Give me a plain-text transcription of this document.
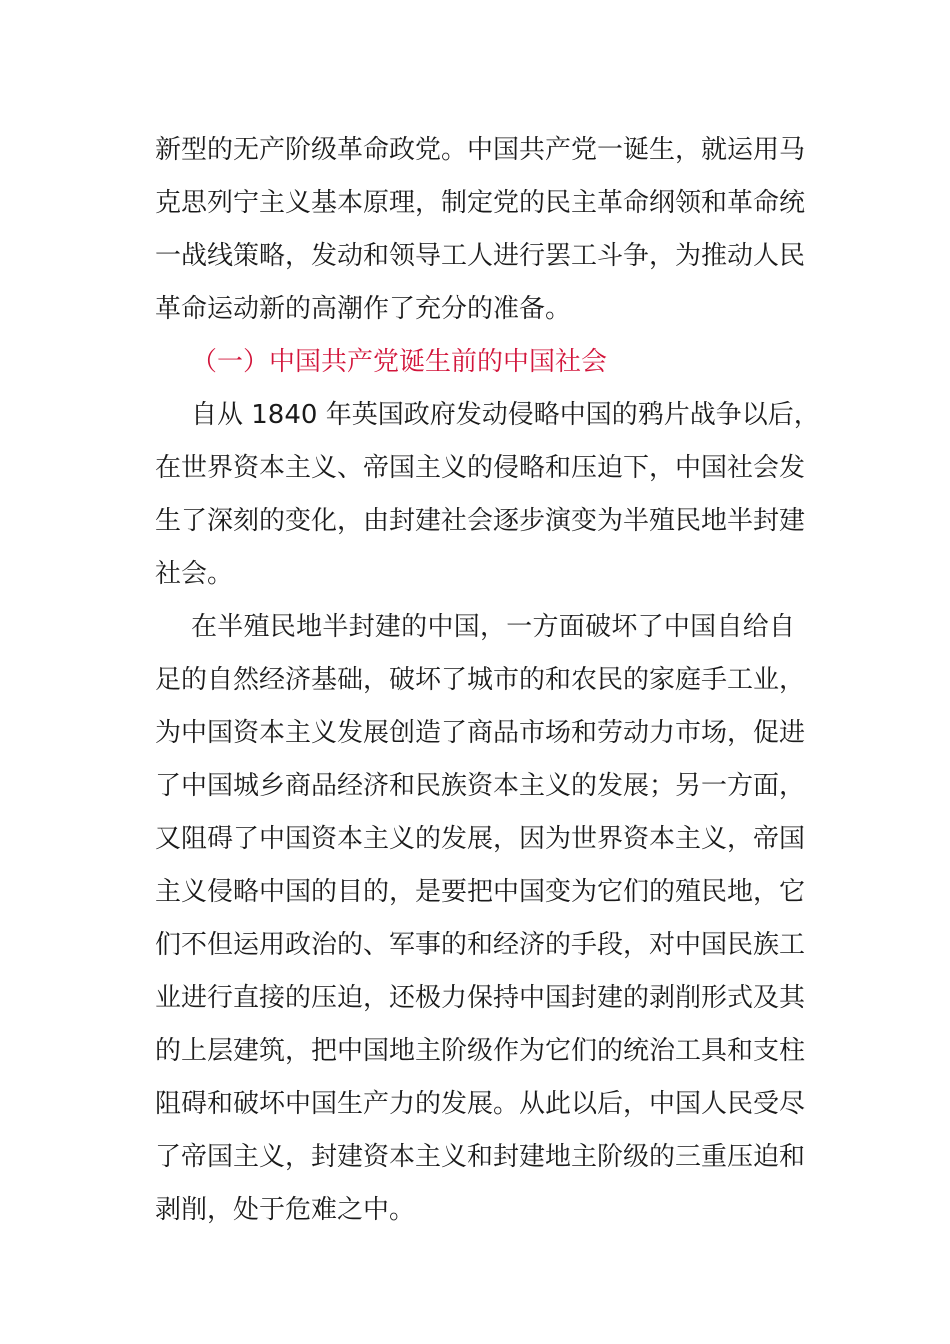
新型的无产阶级革命政党。中国共产党一诞生，就运用马
克思列宁主义基本原理，制定党的民主革命纲领和革命统
一战线策略，发动和领导工人进行罢工斗争，为推动人民
革命运动新的高潮作了充分的准备。
（一）中国共产党诞生前的中国社会
自从 1840 年英国政府发动侵略中国的鸦片战争以后，
在世界资本主义、帝国主义的侵略和压迫下，中国社会发
生了深刻的变化，由封建社会逐步演变为半殖民地半封建
社会。
在半殖民地半封建的中国，一方面破坏了中国自给自
足的自然经济基础，破坏了城市的和农民的家庭手工业，
为中国资本主义发展创造了商品市场和劳动力市场，促进
了中国城乡商品经济和民族资本主义的发展；另一方面，
又阻碍了中国资本主义的发展，因为世界资本主义，帝国
主义侵略中国的目的，是要把中国变为它们的殖民地，它
们不但运用政治的、军事的和经济的手段，对中国民族工
业进行直接的压迫，还极力保持中国封建的剥削形式及其
的上层建筑，把中国地主阶级作为它们的统治工具和支柱
阻碍和破坏中国生产力的发展。从此以后，中国人民受尽
了帝国主义，封建资本主义和封建地主阶级的三重压迫和
剥削，处于危难之中。
